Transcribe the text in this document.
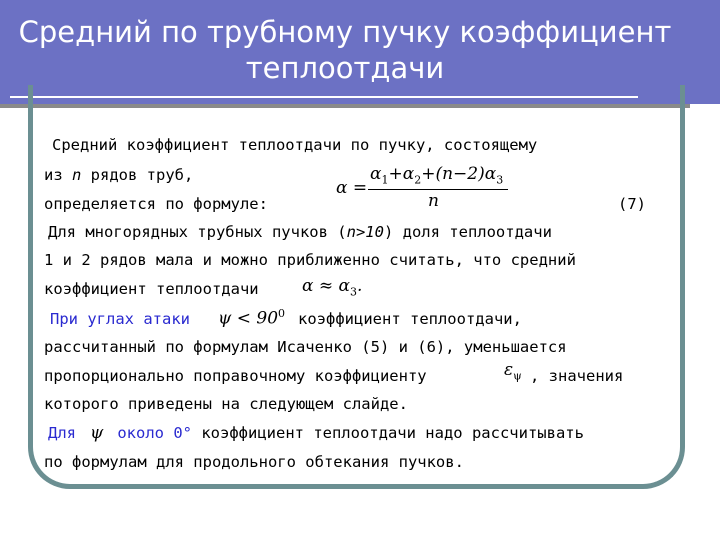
Средний по трубному пучку коэффициент
теплоотдачи
Средний коэффициент теплоотдачи по пучку, состоящему
из n рядов труб,
определяется по формуле:	(7)
α =
$\alpha_1+\alpha_2+(n-2)\alpha_3$
n
Для многорядных трубных пучков (n>10) доля теплоотдачи
1 и 2 рядов мала и можно приближенно считать, что средний
коэффициент теплоотдачи	$\alpha \approx \alpha_3$.
При углах атаки $\psi < 90^0$ коэффициент теплоотдачи,
рассчитанный по формулам Исаченко (5) и (6), уменьшается
пропорционально поправочному коэффициенту	$\varepsilon_\psi$ , значения
которого приведены на следующем слайде.
Для ψ около 0° коэффициент теплоотдачи надо рассчитывать
по формулам для продольного обтекания пучков.
